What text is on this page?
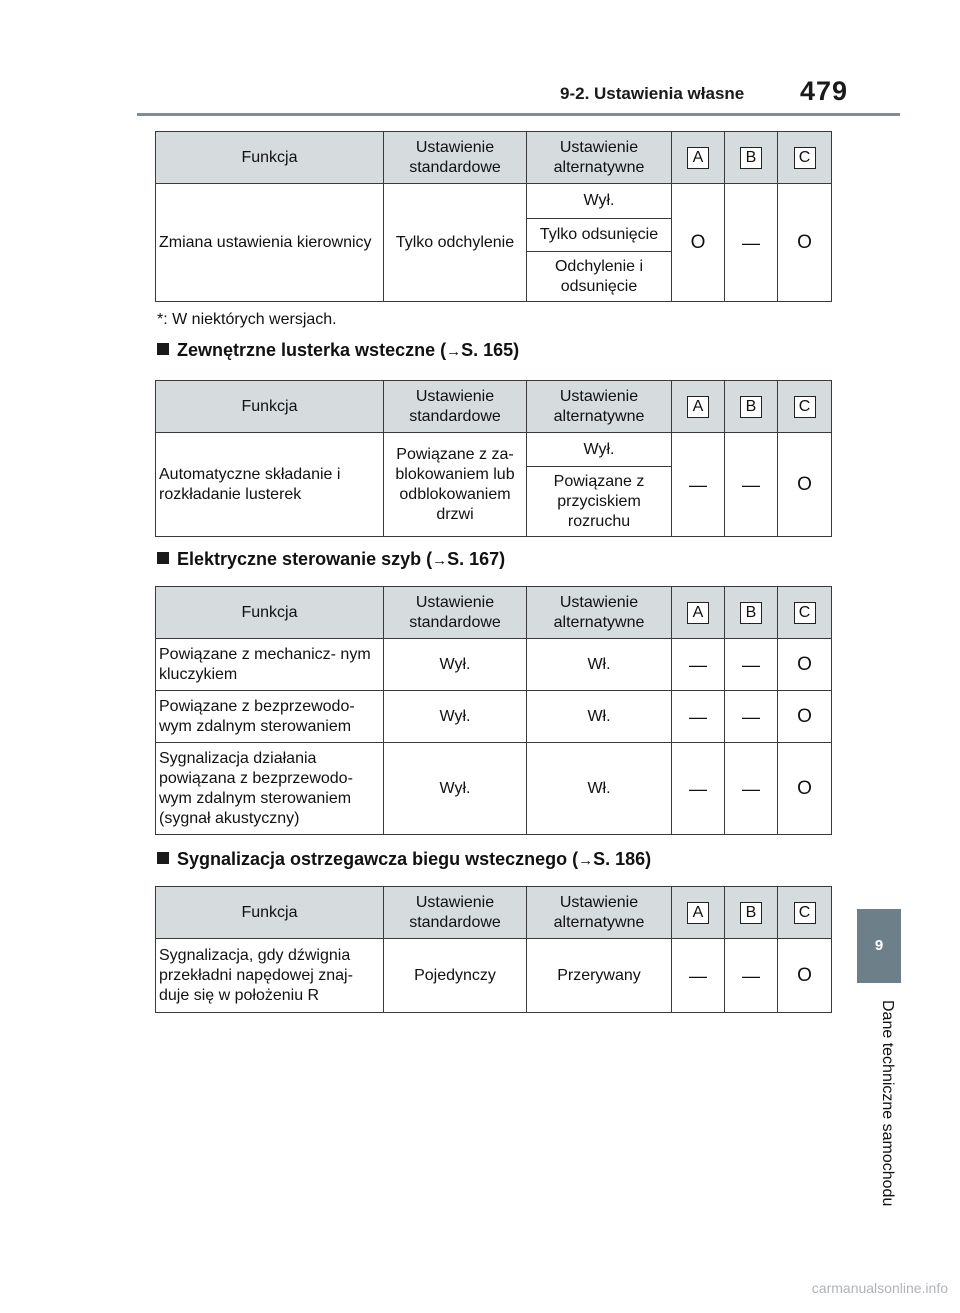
9-2. Ustawienia własne	479
9
Dane techniczne samochodu
Funkcja	Ustawienie standardowe	Ustawienie alternatywne	A	B	C
Zmiana ustawienia kierownicy	Tylko odchylenie	Wył.	O	—	O
		Tylko odsunięcie			
		Odchylenie i odsunięcie			
*: W niektórych wersjach.
Zewnętrzne lusterka wsteczne (→S. 165)
Funkcja	Ustawienie standardowe	Ustawienie alternatywne	A	B	C
Automatyczne składanie i rozkładanie lusterek	Powiązane z za- blokowaniem lub odblokowaniem drzwi	Wył.	—	—	O
		Powiązane z przyciskiem rozruchu			
Elektryczne sterowanie szyb (→S. 167)
Funkcja	Ustawienie standardowe	Ustawienie alternatywne	A	B	C
Powiązane z mechanicz- nym kluczykiem	Wył.	Wł.	—	—	O
Powiązane z bezprzewodo- wym zdalnym sterowaniem	Wył.	Wł.	—	—	O
Sygnalizacja działania powiązana z bezprzewodo- wym zdalnym sterowaniem (sygnał akustyczny)	Wył.	Wł.	—	—	O
Sygnalizacja ostrzegawcza biegu wstecznego (→S. 186)
Funkcja	Ustawienie standardowe	Ustawienie alternatywne	A	B	C
Sygnalizacja, gdy dźwignia przekładni napędowej znaj- duje się w położeniu R	Pojedynczy	Przerywany	—	—	O
carmanualsonline.info
